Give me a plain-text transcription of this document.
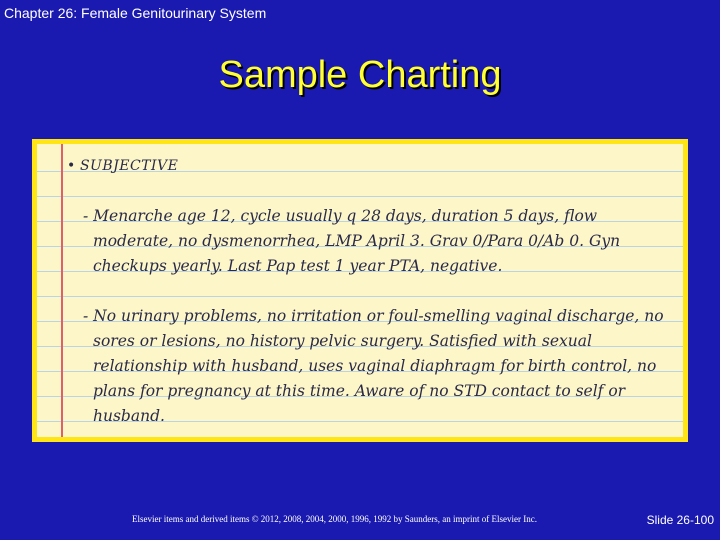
Chapter 26: Female Genitourinary System
Sample Charting
• SUBJECTIVE
- Menarche age 12, cycle usually q 28 days, duration 5 days, flow moderate, no dysmenorrhea, LMP April 3. Grav 0/Para 0/Ab 0. Gyn checkups yearly. Last Pap test 1 year PTA, negative.
- No urinary problems, no irritation or foul-smelling vaginal discharge, no sores or lesions, no history pelvic surgery. Satisfied with sexual relationship with husband, uses vaginal diaphragm for birth control, no plans for pregnancy at this time. Aware of no STD contact to self or husband.
Elsevier items and derived items © 2012, 2008, 2004, 2000, 1996, 1992 by Saunders, an imprint of Elsevier Inc.	Slide 26-100
